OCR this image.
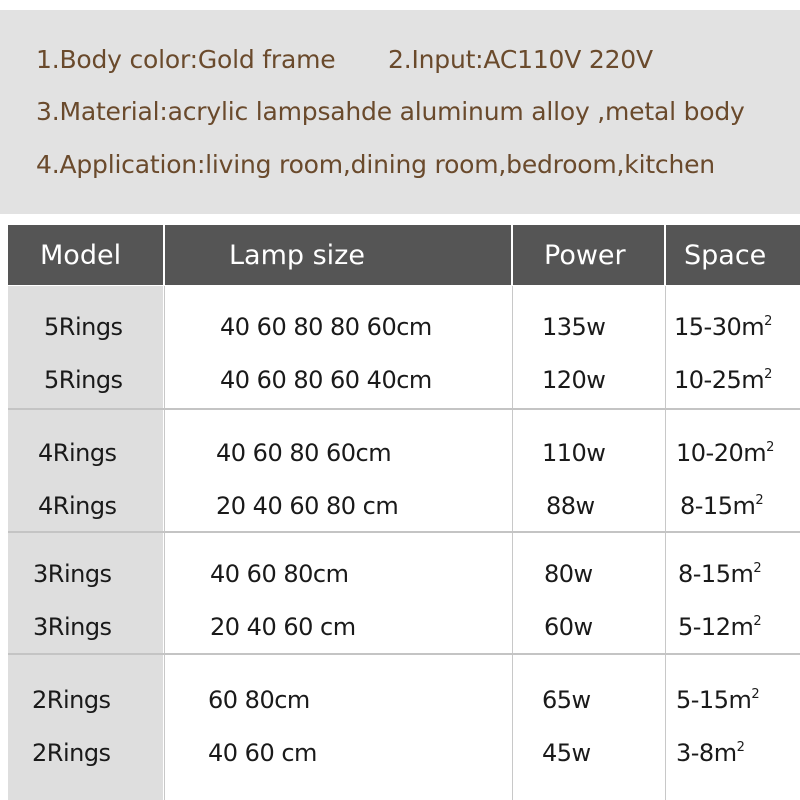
1.Body color:Gold frame 2.Input:AC110V 220V
3.Material:acrylic lampsahde aluminum alloy ,metal body
4.Application:living room,dining room,bedroom,kitchen
Model	Lamp size	Power	Space
5Rings	40 60 80 80 60cm	135w	$15-30m^2$
5Rings	40 60 80 60 40cm	120w	$10-25m^2$
4Rings	40 60 80 60cm	110w	$10-20m^2$
4Rings	20 40 60 80 cm	88w	$8-15m^2$
3Rings	40 60 80cm	80w	$8-15m^2$
3Rings	20 40 60 cm	60w	$5-12m^2$
2Rings	60 80cm	65w	$5-15m^2$
2Rings	40 60 cm	45w	$3-8m^2$
